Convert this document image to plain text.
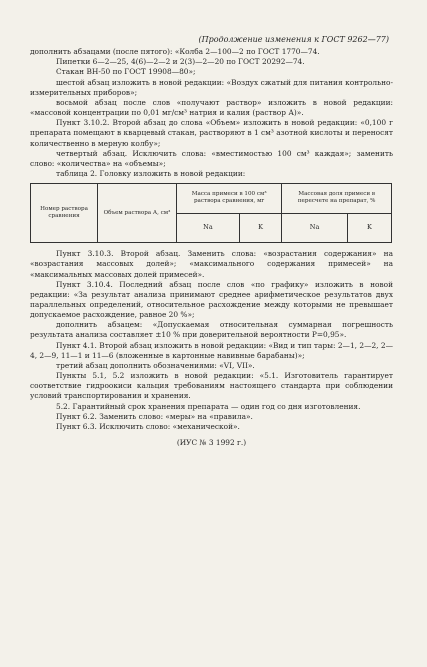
(Продолжение изменения к ГОСТ 9262—77)

дополнить абзацами (после пятого): «Колба 2—100—2 по ГОСТ 1770—74.

Пипетки 6—2—25, 4(6)—2—2 и 2(3)—2—20 по ГОСТ 20292—74.

Стакан ВН-50 по ГОСТ 19908—80»;

шестой абзац изложить в новой редакции: «Воздух сжатый для питания контрольно-измерительных приборов»;

восьмой абзац после слов «получают раствор» изложить в новой редакции: «массовой концентрации по 0,01 мг/см³ натрия и калия (раствор А)».

Пункт 3.10.2. Второй абзац до слова «Объем» изложить в новой редакции: «0,100 г препарата помещают в кварцевый стакан, растворяют в 1 см³ азотной кислоты и переносят количественно в мерную колбу»;

четвертый абзац. Исключить слова: «вместимостью 100 см³ каждая»; заменить слово: «количества» на «объемы»;

таблица 2. Головку изложить в новой редакции:

Номер раствора сравнения	Объем раствора А, см³	Масса примеси в 100 см³ раствора сравнения, мг		Массовая доля примеси в пересчете на препарат, %	
		Na	K	Na	K

Пункт 3.10.3. Второй абзац. Заменить слова: «возрастания содержания» на «возрастания массовых долей»; «максимального содержания примесей» на «максимальных массовых долей примесей».

Пункт 3.10.4. Последний абзац после слов «по графику» изложить в новой редакции: «За результат анализа принимают среднее арифметическое результатов двух параллельных определений, относительное расхождение между которыми не превышает допускаемое расхождение, равное 20 %»;

дополнить абзацем: «Допускаемая относительная суммарная погрешность результата анализа составляет ±10 % при доверительной вероятности P=0,95».

Пункт 4.1. Второй абзац изложить в новой редакции: «Вид и тип тары: 2—1, 2—2, 2—4, 2—9, 11—1 и 11—6 (вложенные в картонные навивные барабаны)»;

третий абзац дополнить обозначениями: «VI, VII».

Пункты 5.1, 5.2 изложить в новой редакции: «5.1. Изготовитель гарантирует соответствие гидроокиси кальция требованиям настоящего стандарта при соблюдении условий транспортирования и хранения.

5.2. Гарантийный срок хранения препарата — один год со дня изготовления.

Пункт 6.2. Заменить слово: «меры» на «правила».

Пункт 6.3. Исключить слово: «механической».

(ИУС № 3 1992 г.)
